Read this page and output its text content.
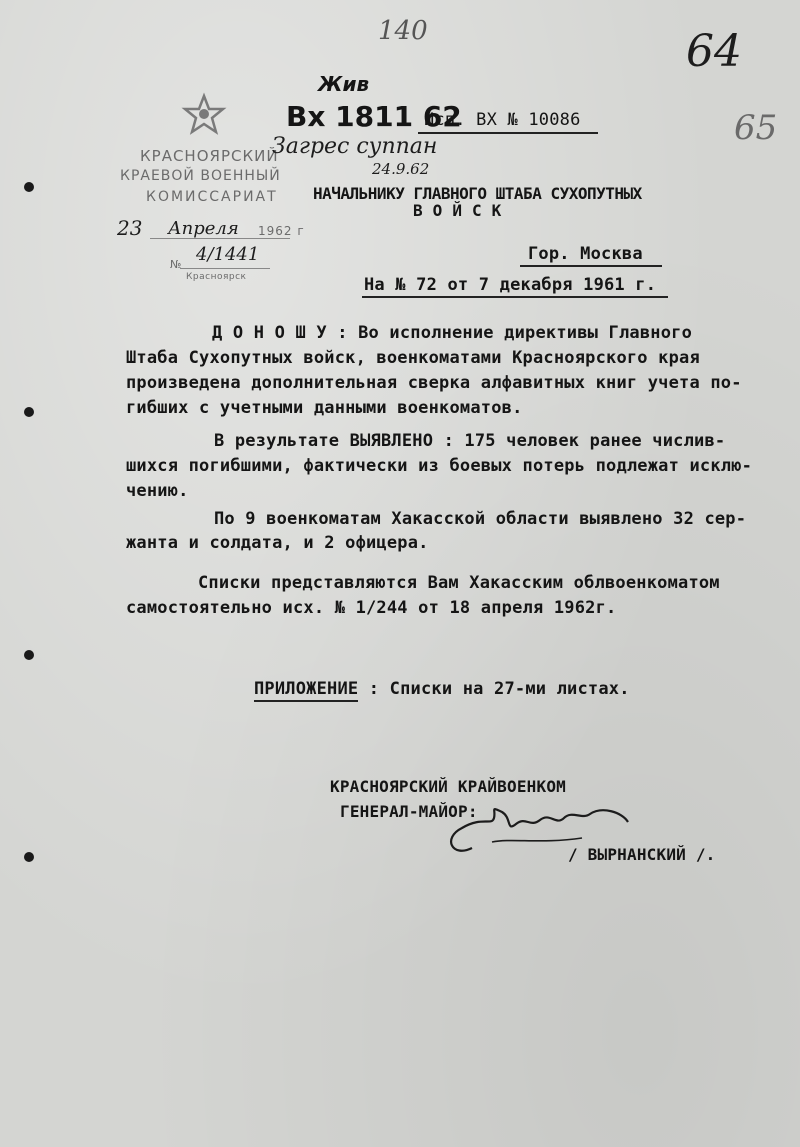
140	64
65
КРАСНОЯРСКИЙ
КРАЕВОЙ ВОЕННЫЙ
КОМИССАРИАТ
23 Апреля 1962 г
№ 4/1441
Красноярск
Жив
Вх 1811 62
Исп. ВХ № 10086
Загрес суппан
24.9.62
НАЧАЛЬНИКУ ГЛАВНОГО ШТАБА СУХОПУТНЫХ
В О Й С К
Гор. Москва
На № 72 от 7 декабря 1961 г.
Д О Н О Ш У : Во исполнение директивы Главного
Штаба Сухопутных войск, военкоматами Красноярского края
произведена дополнительная сверка алфавитных книг учета по-
гибших с учетными данными военкоматов.
В результате ВЫЯВЛЕНО : 175 человек ранее числив-
шихся погибшими, фактически из боевых потерь подлежат исклю-
чению.
По 9 военкоматам Хакасской области выявлено 32 сер-
жанта и солдата, и 2 офицера.
Списки представляются Вам Хакасским облвоенкоматом
самостоятельно исх. № 1/244 от 18 апреля 1962г.
ПРИЛОЖЕНИЕ : Списки на 27-ми листах.
КРАСНОЯРСКИЙ КРАЙВОЕНКОМ
ГЕНЕРАЛ-МАЙОР:
/ ВЫРНАНСКИЙ /.
